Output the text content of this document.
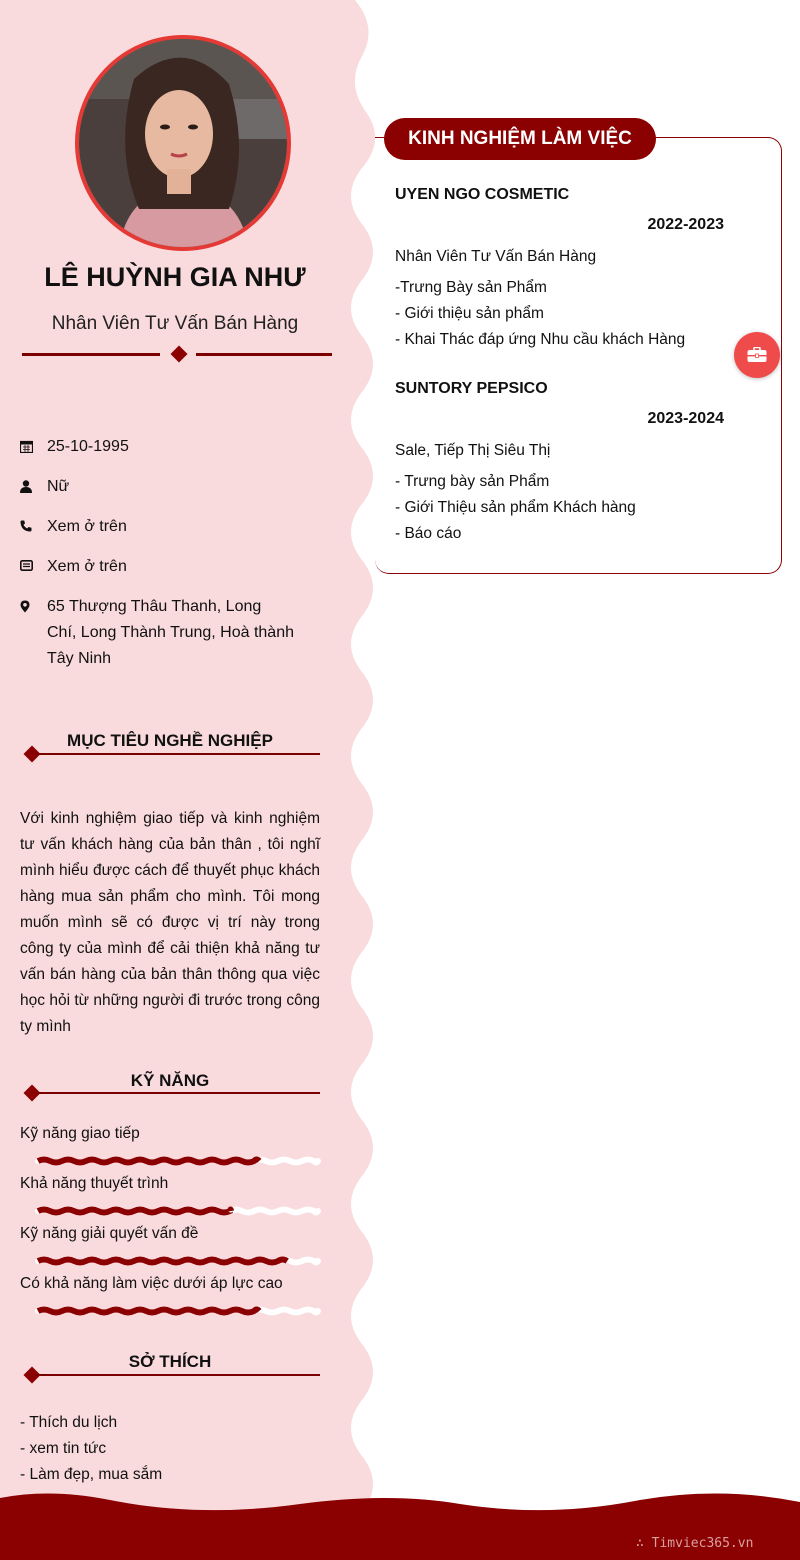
LÊ HUỲNH GIA NHƯ
Nhân Viên Tư Vấn Bán Hàng
25-10-1995
Nữ
Xem ở trên
Xem ở trên
65 Thượng Thâu Thanh, Long Chí, Long Thành Trung, Hoà thành Tây Ninh
MỤC TIÊU NGHỀ NGHIỆP
Với kinh nghiệm giao tiếp và kinh nghiệm tư vấn khách hàng của bản thân , tôi nghĩ mình hiểu được cách để thuyết phục khách hàng mua sản phẩm cho mình. Tôi mong muốn mình sẽ có được vị trí này trong công ty của mình để cải thiện khả năng tư vấn bán hàng của bản thân thông qua việc học hỏi từ những người đi trước trong công ty mình
KỸ NĂNG
Kỹ năng giao tiếp
Khả năng thuyết trình
Kỹ năng giải quyết vấn đề
Có khả năng làm việc dưới áp lực cao
SỞ THÍCH
- Thích du lịch
- xem tin tức
- Làm đẹp, mua sắm
KINH NGHIỆM LÀM VIỆC
UYEN NGO COSMETIC
2022-2023
Nhân Viên Tư Vấn Bán Hàng
-Trưng Bày sản Phẩm
- Giới thiệu sản phẩm
- Khai Thác đáp ứng Nhu cầu khách Hàng
SUNTORY PEPSICO
2023-2024
Sale, Tiếp Thị Siêu Thị
- Trưng bày sản Phẩm
- Giới Thiệu sản phẩm Khách hàng
- Báo cáo
∴ Timviec365.vn
